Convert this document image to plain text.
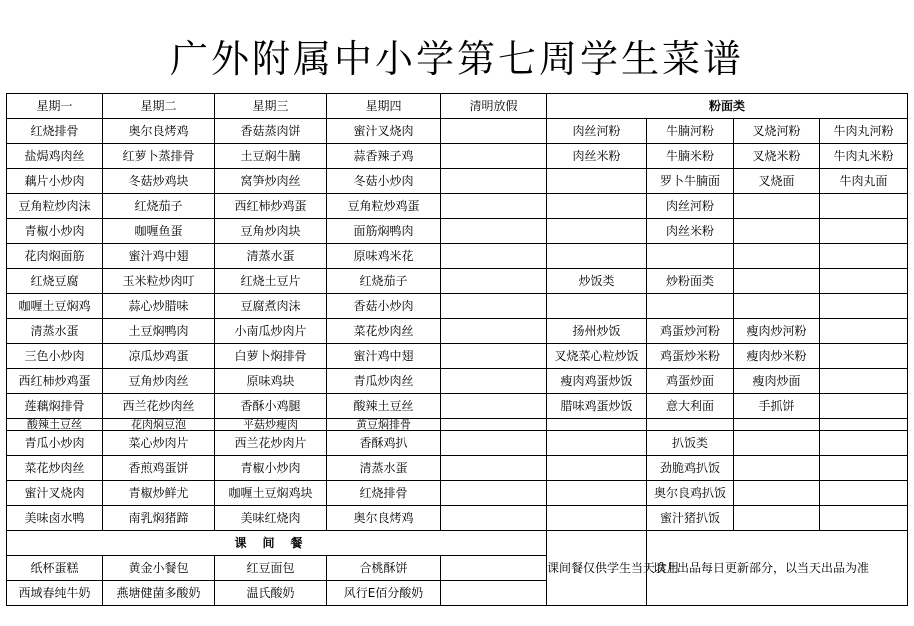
广外附属中小学第七周学生菜谱
星期一	星期二	星期三	星期四	清明放假	粉面类			
红烧排骨	奥尔良烤鸡	香菇蒸肉饼	蜜汁叉烧肉		肉丝河粉	牛腩河粉	叉烧河粉	牛肉丸河粉
盐焗鸡肉丝	红萝卜蒸排骨	土豆焖牛腩	蒜香辣子鸡		肉丝米粉	牛腩米粉	叉烧米粉	牛肉丸米粉
藕片小炒肉	冬菇炒鸡块	窝笋炒肉丝	冬菇小炒肉			罗卜牛腩面	叉烧面	牛肉丸面
豆角粒炒肉沫	红烧茄子	西红柿炒鸡蛋	豆角粒炒鸡蛋			肉丝河粉		
青椒小炒肉	咖喱鱼蛋	豆角炒肉块	面筋焖鸭肉			肉丝米粉		
花肉焖面筋	蜜汁鸡中翅	清蒸水蛋	原味鸡米花					
红烧豆腐	玉米粒炒肉叮	红烧土豆片	红烧茄子		炒饭类	炒粉面类		
咖喱土豆焖鸡	蒜心炒腊味	豆腐煮肉沫	香菇小炒肉					
清蒸水蛋	土豆焖鸭肉	小南瓜炒肉片	菜花炒肉丝		扬州炒饭	鸡蛋炒河粉	瘦肉炒河粉	
三色小炒肉	凉瓜炒鸡蛋	白萝卜焖排骨	蜜汁鸡中翅		叉烧菜心粒炒饭	鸡蛋炒米粉	瘦肉炒米粉	
西红柿炒鸡蛋	豆角炒肉丝	原味鸡块	青瓜炒肉丝		瘦肉鸡蛋炒饭	鸡蛋炒面	瘦肉炒面	
莲藕焖排骨	西兰花炒肉丝	香酥小鸡腿	酸辣土豆丝		腊味鸡蛋炒饭	意大利面	手抓饼	
酸辣土豆丝	花肉焖豆泡	平菇炒瘦肉	黄豆焖排骨					
青瓜小炒肉	菜心炒肉片	西兰花炒肉片	香酥鸡扒			扒饭类		
菜花炒肉丝	香煎鸡蛋饼	青椒小炒肉	清蒸水蛋			劲脆鸡扒饭		
蜜汁叉烧肉	青椒炒鲜尤	咖喱土豆焖鸡块	红烧排骨			奥尔良鸡扒饭		
美味卤水鸭	南乳焖猪蹄	美味红烧肉	奥尔良烤鸡			蜜汁猪扒饭		
课间餐					课间餐仅供学生当天食用	以上出品每日更新部分，以当天出品为准		
纸杯蛋糕	黄金小餐包	红豆面包	合桃酥饼					
西域春纯牛奶	燕塘健菌多酸奶	温氏酸奶	风行E佰分酸奶					
